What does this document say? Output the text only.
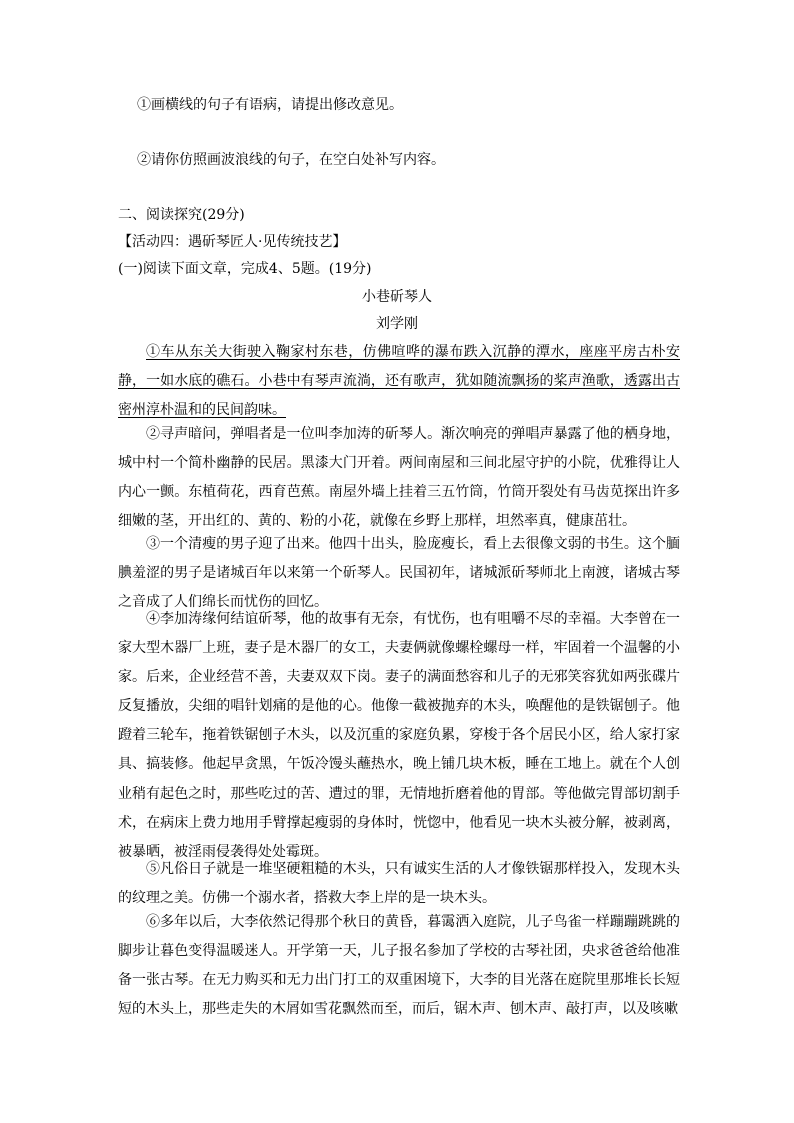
①画横线的句子有语病，请提出修改意见。
②请你仿照画波浪线的句子，在空白处补写内容。
二、阅读探究(29分)
【活动四：遇斫琴匠人·见传统技艺】
(一)阅读下面文章，完成4、5题。(19分)
小巷斫琴人
刘学刚
①车从东关大街驶入鞠家村东巷，仿佛喧哗的瀑布跌入沉静的潭水，座座平房古朴安静，一如水底的礁石。小巷中有琴声流淌，还有歌声，犹如随流飘扬的桨声渔歌，透露出古密州淳朴温和的民间韵味。
②寻声暗问，弹唱者是一位叫李加涛的斫琴人。渐次响亮的弹唱声暴露了他的栖身地，城中村一个简朴幽静的民居。黑漆大门开着。两间南屋和三间北屋守护的小院，优雅得让人内心一颤。东植荷花，西育芭蕉。南屋外墙上挂着三五竹筒，竹筒开裂处有马齿苋探出许多细嫩的茎，开出红的、黄的、粉的小花，就像在乡野上那样，坦然率真，健康茁壮。
③一个清瘦的男子迎了出来。他四十出头，脸庞瘦长，看上去很像文弱的书生。这个腼腆羞涩的男子是诸城百年以来第一个斫琴人。民国初年，诸城派斫琴师北上南渡，诸城古琴之音成了人们绵长而忧伤的回忆。
④李加涛缘何结谊斫琴，他的故事有无奈，有忧伤，也有咀嚼不尽的幸福。大李曾在一家大型木器厂上班，妻子是木器厂的女工，夫妻俩就像螺栓螺母一样，牢固着一个温馨的小家。后来，企业经营不善，夫妻双双下岗。妻子的满面愁容和儿子的无邪笑容犹如两张碟片反复播放，尖细的唱针划痛的是他的心。他像一截被抛弃的木头，唤醒他的是铁锯刨子。他蹬着三轮车，拖着铁锯刨子木头，以及沉重的家庭负累，穿梭于各个居民小区，给人家打家具、搞装修。他起早贪黑，午饭冷馒头蘸热水，晚上铺几块木板，睡在工地上。就在个人创业稍有起色之时，那些吃过的苦、遭过的罪，无情地折磨着他的胃部。等他做完胃部切割手术，在病床上费力地用手臂撑起瘦弱的身体时，恍惚中，他看见一块木头被分解，被剥离，被暴晒，被淫雨侵袭得处处霉斑。
⑤凡俗日子就是一堆坚硬粗糙的木头，只有诚实生活的人才像铁锯那样投入，发现木头的纹理之美。仿佛一个溺水者，搭救大李上岸的是一块木头。
⑥多年以后，大李依然记得那个秋日的黄昏，暮霭洒入庭院，儿子鸟雀一样蹦蹦跳跳的脚步让暮色变得温暖迷人。开学第一天，儿子报名参加了学校的古琴社团，央求爸爸给他准备一张古琴。在无力购买和无力出门打工的双重困境下，大李的目光落在庭院里那堆长长短短的木头上，那些走失的木屑如雪花飘然而至，而后，锯木声、刨木声、敲打声，以及咳嗽
